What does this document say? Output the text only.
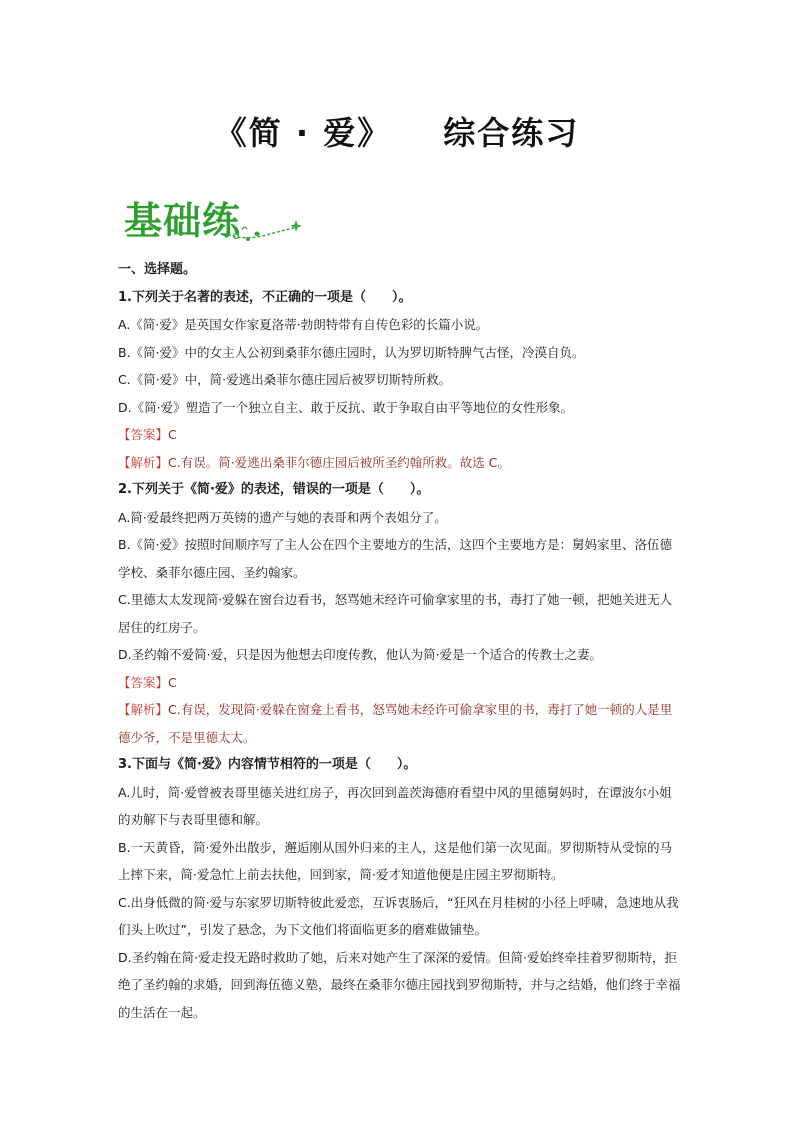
《简 · 爱》 综合练习
基础练

一、选择题。

1.下列关于名著的表述，不正确的一项是（　　）。

A.《简·爱》是英国女作家夏洛蒂·勃朗特带有自传色彩的长篇小说。

B.《简·爱》中的女主人公初到桑菲尔德庄园时，认为罗切斯特脾气古怪，冷漠自负。

C.《简·爱》中，简·爱逃出桑菲尔德庄园后被罗切斯特所救。

D.《简·爱》塑造了一个独立自主、敢于反抗、敢于争取自由平等地位的女性形象。

【答案】C

【解析】C.有误。简·爱逃出桑菲尔德庄园后被所圣约翰所救。故选 C。

2.下列关于《简·爱》的表述，错误的一项是（　　）。

A.简·爱最终把两万英镑的遗产与她的表哥和两个表姐分了。

B.《简·爱》按照时间顺序写了主人公在四个主要地方的生活，这四个主要地方是：舅妈家里、洛伍德学校、桑菲尔德庄园、圣约翰家。

C.里德太太发现简·爱躲在窗台边看书，怒骂她未经许可偷拿家里的书，毒打了她一顿，把她关进无人居住的红房子。

D.圣约翰不爱简·爱，只是因为他想去印度传教，他认为简·爱是一个适合的传教士之妻。

【答案】C

【解析】C.有误，发现简·爱躲在窗龛上看书，怒骂她未经许可偷拿家里的书，毒打了她一顿的人是里德少爷，不是里德太太。

3.下面与《简·爱》内容情节相符的一项是（　　）。

A.儿时，简·爱曾被表哥里德关进红房子，再次回到盖茨海德府看望中风的里德舅妈时，在谭波尔小姐的劝解下与表哥里德和解。

B.一天黄昏，简·爱外出散步，邂逅刚从国外归来的主人，这是他们第一次见面。罗彻斯特从受惊的马上摔下来，简·爱急忙上前去扶他，回到家，简·爱才知道他便是庄园主罗彻斯特。

C.出身低微的简·爱与东家罗切斯特彼此爱恋，互诉衷肠后，“狂风在月桂树的小径上呼啸，急速地从我们头上吹过”，引发了悬念，为下文他们将面临更多的磨难做铺垫。

D.圣约翰在简·爱走投无路时救助了她，后来对她产生了深深的爱情。但简·爱始终牵挂着罗彻斯特，拒绝了圣约翰的求婚，回到海伍德义塾，最终在桑菲尔德庄园找到罗彻斯特，并与之结婚，他们终于幸福的生活在一起。
